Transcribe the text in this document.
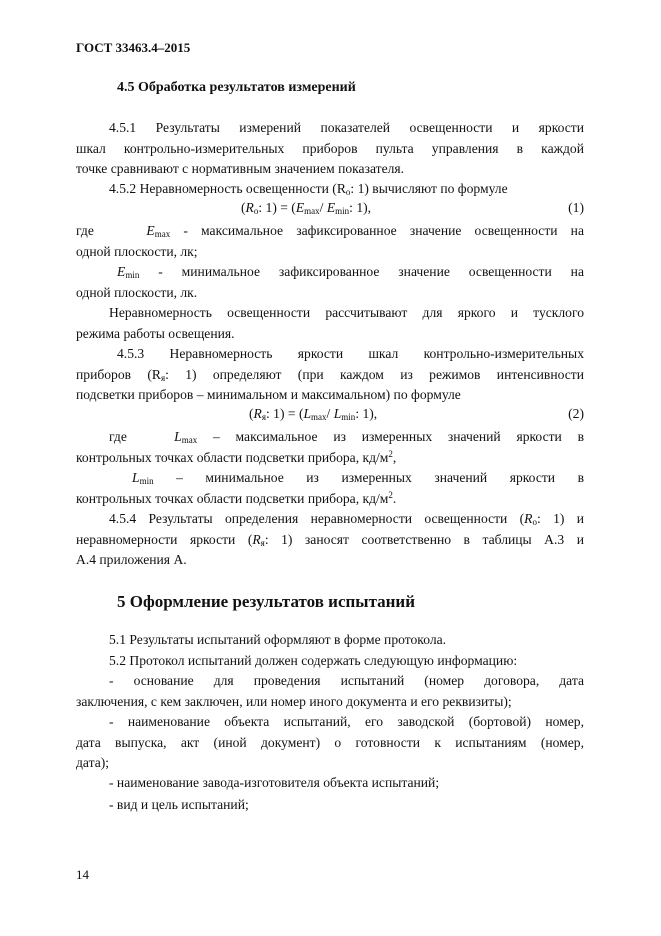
ГОСТ 33463.4–2015
4.5 Обработка результатов измерений
4.5.1 Результаты измерений показателей освещенности и яркости
шкал контрольно-измерительных приборов пульта управления в каждой
точке сравнивают с нормативным значением показателя.
4.5.2 Неравномерность освещенности ($R_o$: 1) вычисляют по формуле
($R_o$: $1) = (E_{max}/$ $E_{min}$: 1),	(1)
где	$E_{max}$ - максимальное зафиксированное значение освещенности на
одной плоскости, лк;
$E_{min}$ - минимальное зафиксированное значение освещенности на
одной плоскости, лк.
Неравномерность освещенности рассчитывают для яркого и тусклого
режима работы освещения.
4.5.3 Неравномерность яркости шкал контрольно-измерительных
приборов ($R_я$: 1) определяют (при каждом из режимов интенсивности
подсветки приборов – минимальном и максимальном) по формуле
($R_я$: $1) = (L_{max}/$ $L_{min}$: 1),	(2)
где	$L_{max}$ – максимальное из измеренных значений яркости в
контрольных точках области подсветки прибора, $кд/м^2$,
$L_{min}$ – минимальное из измеренных значений яркости в
контрольных точках области подсветки прибора, $кд/м^2$.
4.5.4 Результаты определения неравномерности освещенности ($R_о$: 1) и
неравномерности яркости ($R_я$: 1) заносят соответственно в таблицы А.3 и
А.4 приложения А.
5 Оформление результатов испытаний
5.1 Результаты испытаний оформляют в форме протокола.
5.2 Протокол испытаний должен содержать следующую информацию:
- основание для проведения испытаний (номер договора, дата
заключения, с кем заключен, или номер иного документа и его реквизиты);
- наименование объекта испытаний, его заводской (бортовой) номер,
дата выпуска, акт (иной документ) о готовности к испытаниям (номер,
дата);
- наименование завода-изготовителя объекта испытаний;
- вид и цель испытаний;
14
